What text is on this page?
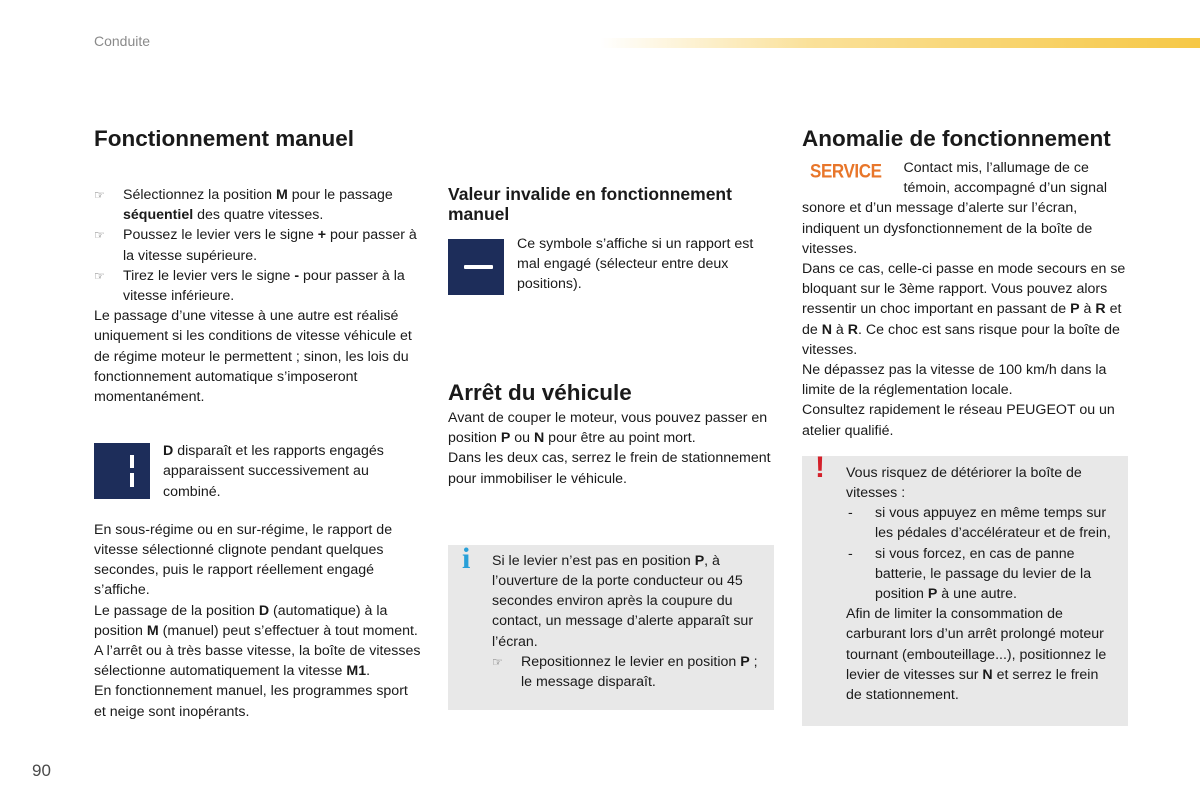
Conduite
90
Fonctionnement manuel
☞ Sélectionnez la position M pour le passage séquentiel des quatre vitesses.
☞ Poussez le levier vers le signe + pour passer à la vitesse supérieure.
☞ Tirez le levier vers le signe - pour passer à la vitesse inférieure.

Le passage d’une vitesse à une autre est réalisé uniquement si les conditions de vitesse véhicule et de régime moteur le permettent ; sinon, les lois du fonctionnement automatique s’imposeront momentanément.

D disparaît et les rapports engagés apparaissent successivement au combiné.

En sous-régime ou en sur-régime, le rapport de vitesse sélectionné clignote pendant quelques secondes, puis le rapport réellement engagé s’affiche.

Le passage de la position D (automatique) à la position M (manuel) peut s’effectuer à tout moment.

A l’arrêt ou à très basse vitesse, la boîte de vitesses sélectionne automatiquement la vitesse M1.

En fonctionnement manuel, les programmes sport et neige sont inopérants.

Valeur invalide en fonctionnement manuel

Ce symbole s’affiche si un rapport est mal engagé (sélecteur entre deux positions).

Arrêt du véhicule

Avant de couper le moteur, vous pouvez passer en position P ou N pour être au point mort.
Dans les deux cas, serrez le frein de stationnement pour immobiliser le véhicule.

i Si le levier n’est pas en position P, à l’ouverture de la porte conducteur ou 45 secondes environ après la coupure du contact, un message d’alerte apparaît sur l’écran.

☞ Repositionnez le levier en position P ; le message disparaît.
Anomalie de fonctionnement

SERVICE Contact mis, l’allumage de ce témoin, accompagné d’un signal sonore et d’un message d’alerte sur l’écran, indiquent un dysfonctionnement de la boîte de vitesses.

Dans ce cas, celle-ci passe en mode secours en se bloquant sur le 3ème rapport. Vous pouvez alors ressentir un choc important en passant de P à R et de N à R. Ce choc est sans risque pour la boîte de vitesses.

Ne dépassez pas la vitesse de 100 km/h dans la limite de la réglementation locale.

Consultez rapidement le réseau PEUGEOT ou un atelier qualifié.

! Vous risquez de détériorer la boîte de vitesses :

- si vous appuyez en même temps sur les pédales d’accélérateur et de frein,
- si vous forcez, en cas de panne batterie, le passage du levier de la position P à une autre.

Afin de limiter la consommation de carburant lors d’un arrêt prolongé moteur tournant (embouteillage...), positionnez le levier de vitesses sur N et serrez le frein de stationnement.
